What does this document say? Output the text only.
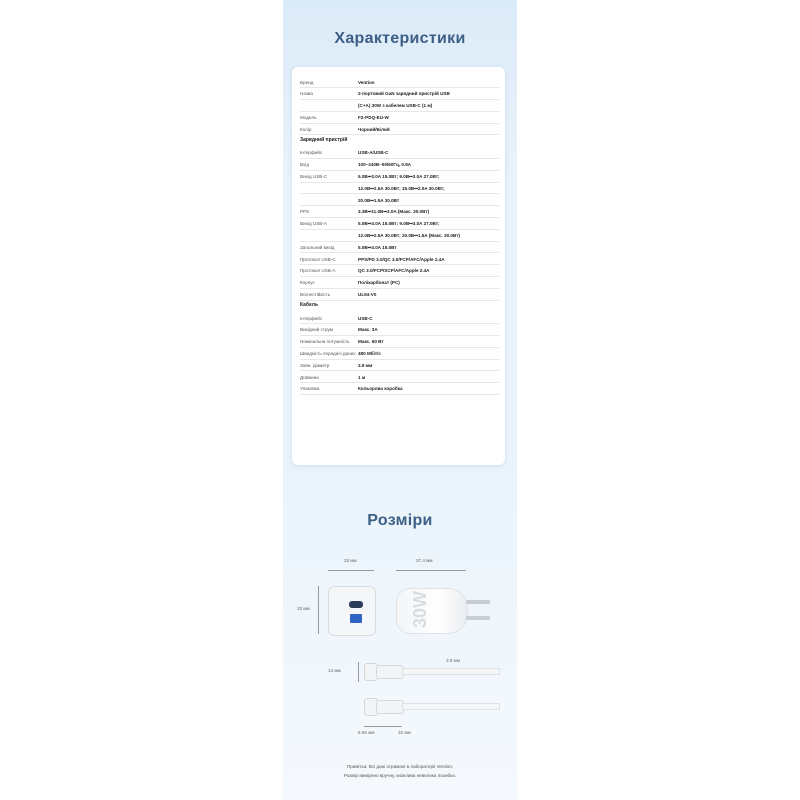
Характеристики
Бренд	Vention
Назва	2-портовий GaN зарядний пристрій USB
(C+A) 30W з кабелем USB-C (1 м)
Модель	FZ-PDQ-EU-W
Колір	Чорний/Білий
Зарядний пристрій
Інтерфейс	USB-A/USB-C
Вхід	100–240В~50/60Гц, 0.8A
Вихід USB-C	5.0В⎓3.0A 15.0Вт; 9.0В⎓3.0A 27.0Вт;
12.0В⎓2.5A 30.0Вт; 15.0В⎓2.0A 30.0Вт;
20.0В⎓1.5A 30.0Вт
PPS	3.3В⎓11.0В⎓3.0A (Макс. 30.0Вт)
Вихід USB-A	5.0В⎓3.0A 15.0Вт; 9.0В⎓3.0A 27.0Вт;
12.0В⎓2.5A 30.0Вт; 20.0В⎓1.5A (Макс. 30.0Вт)
Загальний вихід	5.0В⎓3.0A 15.0Вт
Протокол USB-C	PPS/PD 3.0/QC 3.0/FCP/AFC/Apple 2.4A
Протокол USB-A	QC 3.0/FCP/SCP/AFC/Apple 2.4A
Корпус	Полікарбонат (PC)
Вогнестійкість	UL94-V0
Кабель
Інтерфейс	USB-C
Вихідний струм	Макс. 3A
Номінальна потужність	Макс. 60 Вт
Швидкість передачі даних 480 Мбіт/с
Зовн. діаметр	3.8 мм
Довжина	1 м
Упаковка	Кольорова коробка
Розміри
33 мм	37.4 мм
33 мм	30W
13 мм
3.8 мм
6.65 мм	32 мм
Примітка: Всі дані отримані в лабораторії Vention.
Розмір виміряно вручну, можлива невелика похибка.
